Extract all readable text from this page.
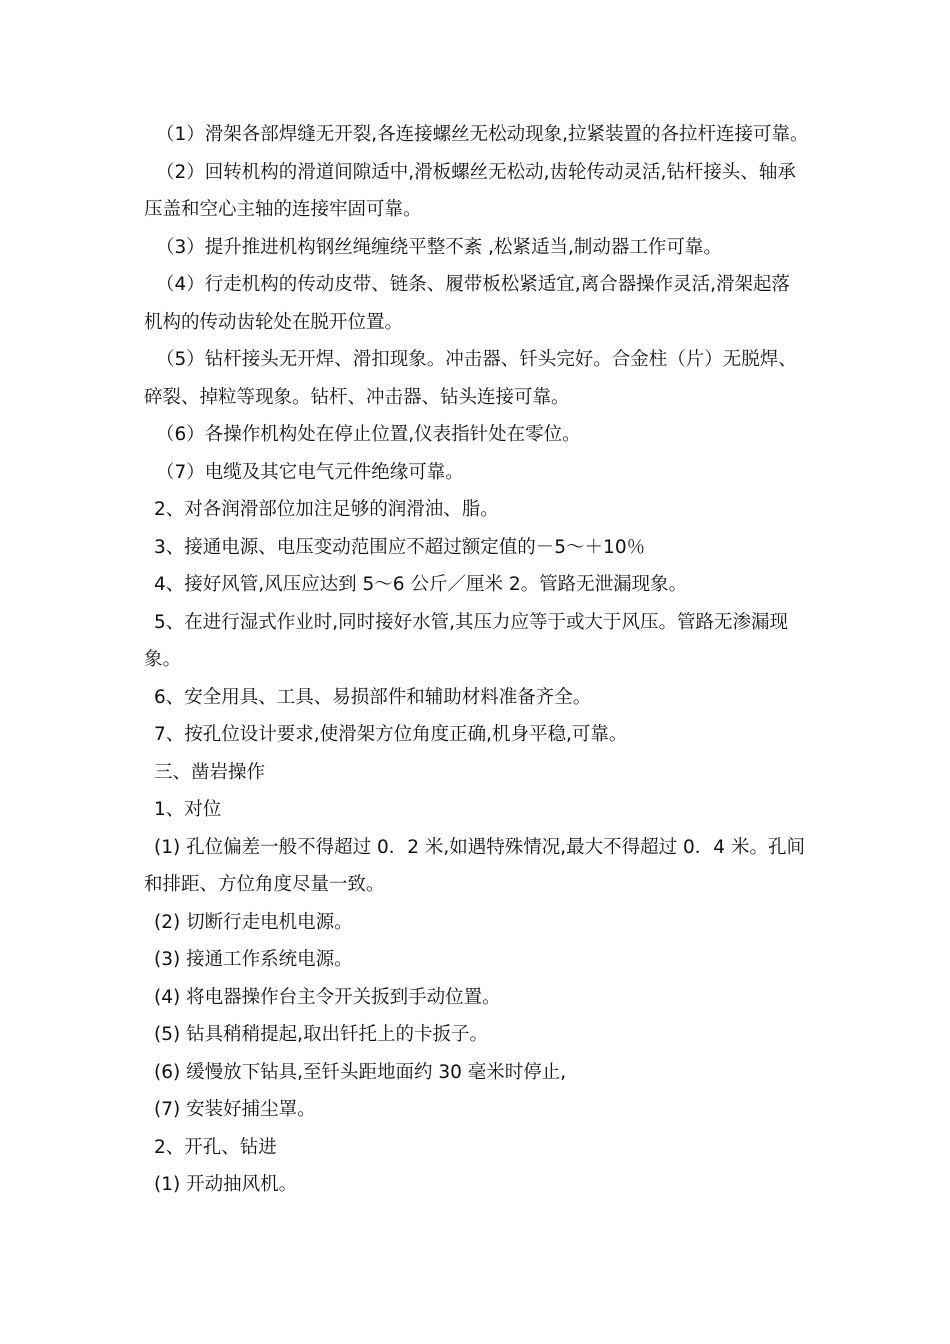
（1）滑架各部焊缝无开裂,各连接螺丝无松动现象,拉紧装置的各拉杆连接可靠。
（2）回转机构的滑道间隙适中,滑板螺丝无松动,齿轮传动灵活,钻杆接头、轴承
压盖和空心主轴的连接牢固可靠。
（3）提升推进机构钢丝绳缠绕平整不紊 ,松紧适当,制动器工作可靠。
（4）行走机构的传动皮带、链条、履带板松紧适宜,离合器操作灵活,滑架起落
机构的传动齿轮处在脱开位置。
（5）钻杆接头无开焊、滑扣现象。冲击器、钎头完好。合金柱（片）无脱焊、
碎裂、掉粒等现象。钻杆、冲击器、钻头连接可靠。
（6）各操作机构处在停止位置,仪表指针处在零位。
（7）电缆及其它电气元件绝缘可靠。
2、对各润滑部位加注足够的润滑油、脂。
3、接通电源、电压变动范围应不超过额定值的－5～＋10％
4、接好风管,风压应达到 5～6 公斤／厘米 2。管路无泄漏现象。
5、在进行湿式作业时,同时接好水管,其压力应等于或大于风压。管路无渗漏现
象。
6、安全用具、工具、易损部件和辅助材料准备齐全。
7、按孔位设计要求,使滑架方位角度正确,机身平稳,可靠。
三、凿岩操作
1、对位
(1) 孔位偏差一般不得超过 0．2 米,如遇特殊情况,最大不得超过 0．4 米。孔间
和排距、方位角度尽量一致。
(2) 切断行走电机电源。
(3) 接通工作系统电源。
(4) 将电器操作台主令开关扳到手动位置。
(5) 钻具稍稍提起,取出钎托上的卡扳子。
(6) 缓慢放下钻具,至钎头距地面约 30 毫米时停止,
(7) 安装好捕尘罩。
2、开孔、钻进
(1) 开动抽风机。
